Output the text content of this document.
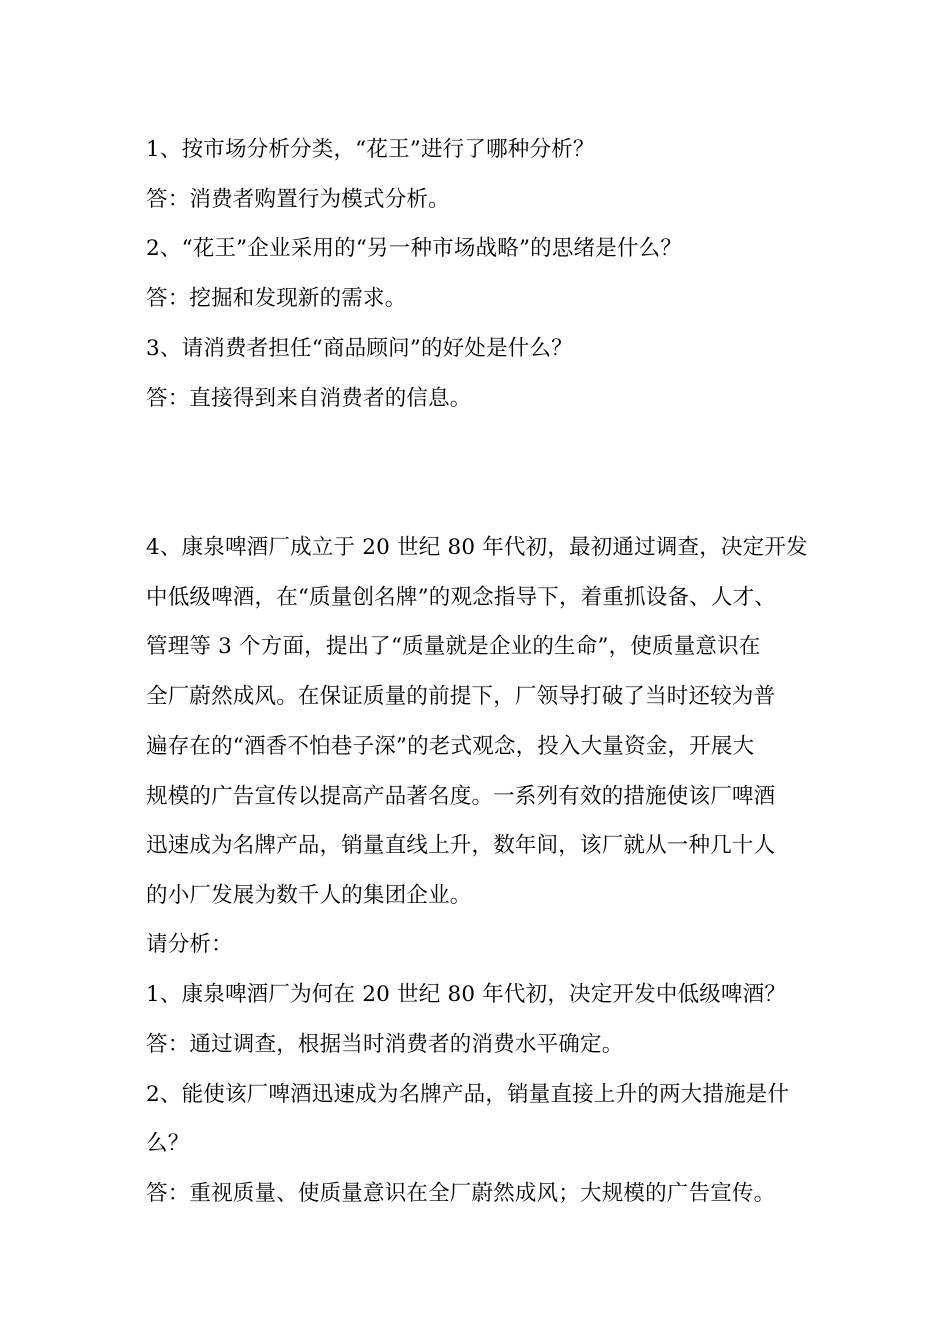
1、按市场分析分类，“花王”进行了哪种分析？
答：消费者购置行为模式分析。
2、“花王”企业采用的“另一种市场战略”的思绪是什么？
答：挖掘和发现新的需求。
3、请消费者担任“商品顾问”的好处是什么？
答：直接得到来自消费者的信息。
4、康泉啤酒厂成立于 20 世纪 80 年代初，最初通过调查，决定开发
中低级啤酒，在“质量创名牌”的观念指导下，着重抓设备、人才、
管理等 3 个方面，提出了“质量就是企业的生命”，使质量意识在
全厂蔚然成风。在保证质量的前提下，厂领导打破了当时还较为普
遍存在的“酒香不怕巷子深”的老式观念，投入大量资金，开展大
规模的广告宣传以提高产品著名度。一系列有效的措施使该厂啤酒
迅速成为名牌产品，销量直线上升，数年间，该厂就从一种几十人
的小厂发展为数千人的集团企业。
请分析：
1、康泉啤酒厂为何在 20 世纪 80 年代初，决定开发中低级啤酒？
答：通过调查，根据当时消费者的消费水平确定。
2、能使该厂啤酒迅速成为名牌产品，销量直接上升的两大措施是什
么？
答：重视质量、使质量意识在全厂蔚然成风；大规模的广告宣传。
